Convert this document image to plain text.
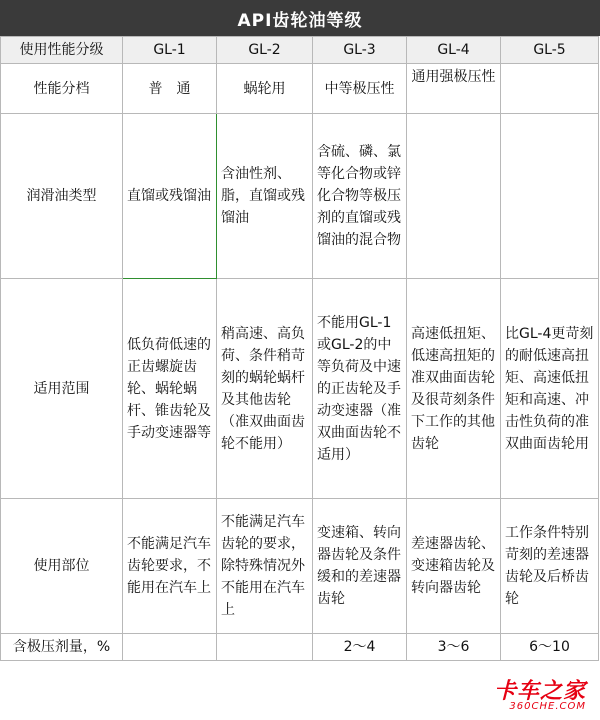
API齿轮油等级
使用性能分级	GL-1	GL-2	GL-3	GL-4	GL-5
性能分档	普　通	蜗轮用	中等极压性	通用强极压性	
润滑油类型	直馏或残馏油	含油性剂、脂，直馏或残馏油	含硫、磷、氯等化合物或锌化合物等极压剂的直馏或残馏油的混合物		
适用范围	低负荷低速的正齿螺旋齿轮、蜗轮蜗杆、锥齿轮及手动变速器等	稍高速、高负荷、条件稍苛刻的蜗轮蜗杆及其他齿轮（准双曲面齿轮不能用）	不能用GL-1或GL-2的中等负荷及中速的正齿轮及手动变速器（准双曲面齿轮不适用）	高速低扭矩、低速高扭矩的准双曲面齿轮及很苛刻条件下工作的其他齿轮	比GL-4更苛刻的耐低速高扭矩、高速低扭矩和高速、冲击性负荷的准双曲面齿轮用
使用部位	不能满足汽车齿轮要求，不能用在汽车上	不能满足汽车齿轮的要求，除特殊情况外不能用在汽车上	变速箱、转向器齿轮及条件缓和的差速器齿轮	差速器齿轮、变速箱齿轮及转向器齿轮	工作条件特别苛刻的差速器齿轮及后桥齿轮
含极压剂量，%			2～4	3～6	6～10
卡车之家
360CHE.COM
